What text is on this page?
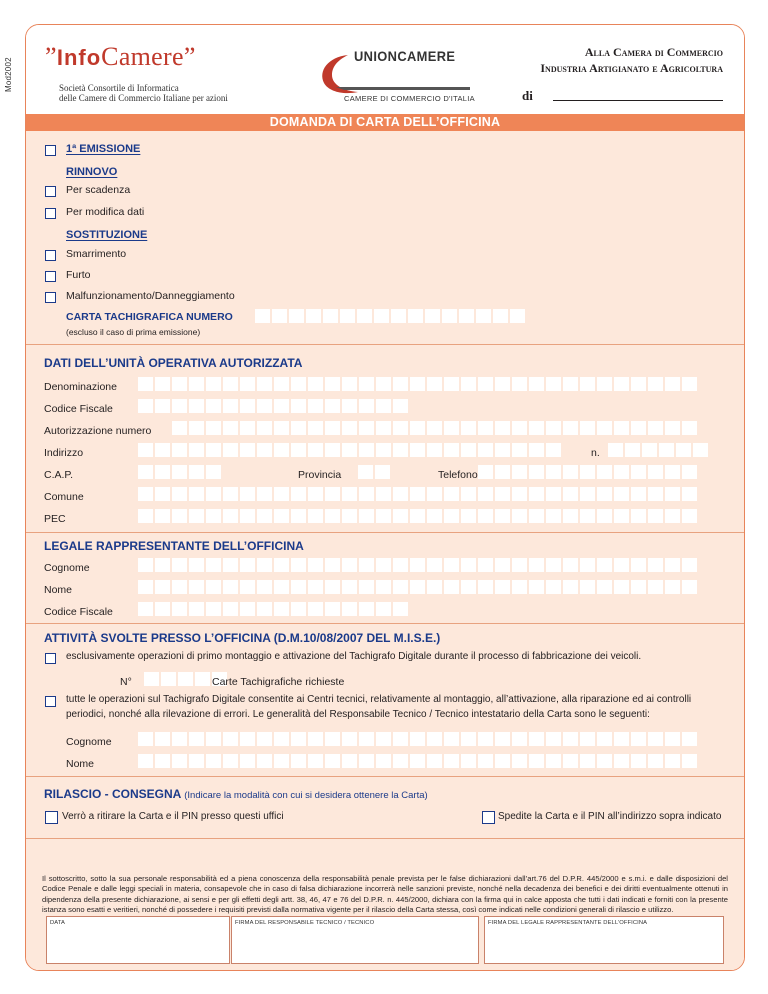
Mod2002
”InfoCamere”
Società Consortile di Informatica
delle Camere di Commercio Italiane per azioni
UNIONCAMERE
CAMERE DI COMMERCIO D'ITALIA
Alla Camera di Commercio
Industria Artigianato e Agricoltura
di
DOMANDA DI CARTA DELL’OFFICINA
1ª EMISSIONE
RINNOVO
Per scadenza
Per modifica dati
SOSTITUZIONE
Smarrimento
Furto
Malfunzionamento/Danneggiamento
CARTA TACHIGRAFICA NUMERO
(escluso il caso di prima emissione)
DATI DELL’UNITÀ OPERATIVA AUTORIZZATA
Denominazione
Codice Fiscale
Autorizzazione numero
Indirizzo	n.
C.A.P.	Provincia	Telefono
Comune
PEC
LEGALE RAPPRESENTANTE DELL’OFFICINA
Cognome
Nome
Codice Fiscale
ATTIVITÀ SVOLTE PRESSO L’OFFICINA (D.M.10/08/2007 DEL M.I.S.E.)
esclusivamente operazioni di primo montaggio e attivazione del Tachigrafo Digitale durante il processo di fabbricazione dei veicoli.
N°	Carte Tachigrafiche richieste
tutte le operazioni sul Tachigrafo Digitale consentite ai Centri tecnici, relativamente al montaggio, all’attivazione, alla riparazione ed ai controlli
periodici, nonché alla rilevazione di errori. Le generalità del Responsabile Tecnico / Tecnico intestatario della Carta sono le seguenti:
Cognome
Nome
RILASCIO - CONSEGNA (Indicare la modalità con cui si desidera ottenere la Carta)
Verrò a ritirare la Carta e il PIN presso questi uffici	Spedite la Carta e il PIN all’indirizzo sopra indicato
Il sottoscritto, sotto la sua personale responsabilità ed a piena conoscenza della responsabilità penale prevista per le false dichiarazioni dall’art.76 del D.P.R. 445/2000 e s.m.i. e dalle disposizioni del Codice Penale e dalle leggi speciali in materia, consapevole che in caso di falsa dichiarazione incorrerà nelle sanzioni previste, nonché nella decadenza dei benefici e dei diritti eventualmente ottenuti in dipendenza della presente dichiarazione, ai sensi e per gli effetti degli artt. 38, 46, 47 e 76 del D.P.R. n. 445/2000, dichiara con la firma qui in calce apposta che tutti i dati indicati e forniti con la presente istanza sono esatti e veritieri, nonché di possedere i requisiti previsti dalla normativa vigente per il rilascio della Carta stessa, così come indicati nelle condizioni generali di rilascio e utilizzo.
DATA	FIRMA DEL RESPONSABILE TECNICO / TECNICO	FIRMA DEL LEGALE RAPPRESENTANTE DELL’OFFICINA
